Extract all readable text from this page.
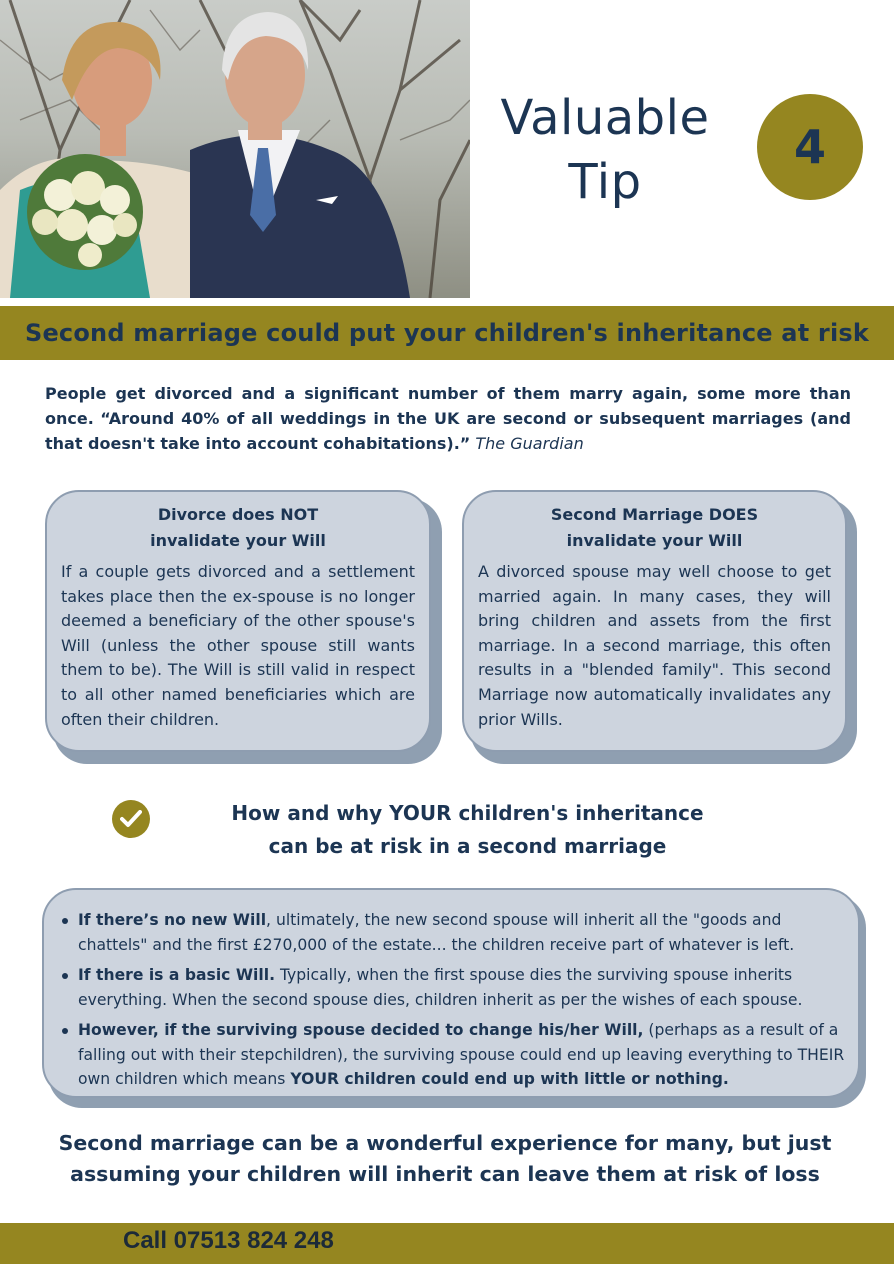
Valuable
Tip
4
Second marriage could put your children's inheritance at risk
People get divorced and a significant number of them marry again, some more than once. “Around 40% of all weddings in the UK are second or subsequent marriages (and that doesn't take into account cohabitations).” The Guardian
Divorce does NOT
invalidate your Will
If a couple gets divorced and a settlement takes place then the ex-spouse is no longer deemed a beneficiary of the other spouse's Will (unless the other spouse still wants them to be). The Will is still valid in respect to all other named beneficiaries which are often their children.
Second Marriage DOES
invalidate your Will
A divorced spouse may well choose to get married again. In many cases, they will bring children and assets from the first marriage. In a second marriage, this often results in a "blended family". This second Marriage now automatically invalidates any prior Wills.
How and why YOUR children's inheritance
can be at risk in a second marriage
If there’s no new Will, ultimately, the new second spouse will inherit all the "goods and chattels" and the first £270,000 of the estate... the children receive part of whatever is left.
If there is a basic Will. Typically, when the first spouse dies the surviving spouse inherits everything. When the second spouse dies, children inherit as per the wishes of each spouse.
However, if the surviving spouse decided to change his/her Will, (perhaps as a result of a falling out with their stepchildren), the surviving spouse could end up leaving everything to THEIR own children which means YOUR children could end up with little or nothing.
Second marriage can be a wonderful experience for many, but just
assuming your children will inherit can leave them at risk of loss
Call 07513 824 248
